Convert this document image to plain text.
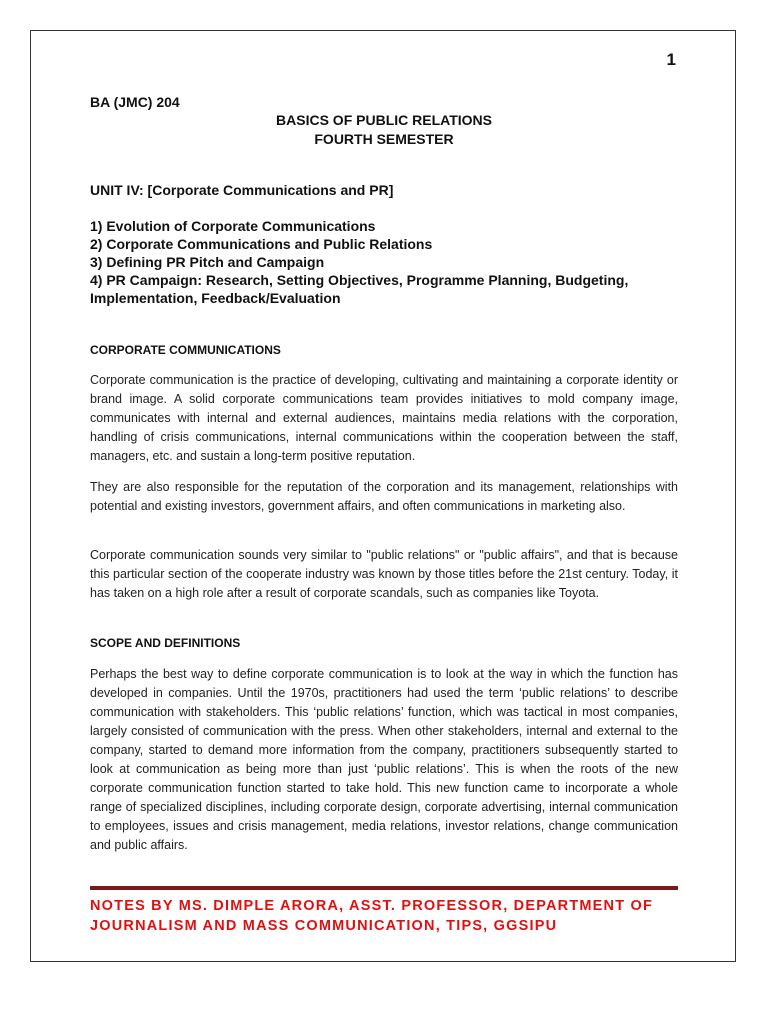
1
BA (JMC) 204
BASICS OF PUBLIC RELATIONS
FOURTH SEMESTER
UNIT IV: [Corporate Communications and PR]
1) Evolution of Corporate Communications
2) Corporate Communications and Public Relations
3) Defining PR Pitch and Campaign
4) PR Campaign: Research, Setting Objectives, Programme Planning, Budgeting, Implementation, Feedback/Evaluation
CORPORATE COMMUNICATIONS

Corporate communication is the practice of developing, cultivating and maintaining a corporate identity or brand image. A solid corporate communications team provides initiatives to mold company image, communicates with internal and external audiences, maintains media relations with the corporation, handling of crisis communications, internal communications within the cooperation between the staff, managers, etc. and sustain a long-term positive reputation.

They are also responsible for the reputation of the corporation and its management, relationships with potential and existing investors, government affairs, and often communications in marketing also.

Corporate communication sounds very similar to "public relations" or "public affairs", and that is because this particular section of the cooperate industry was known by those titles before the 21st century. Today, it has taken on a high role after a result of corporate scandals, such as companies like Toyota.

SCOPE AND DEFINITIONS

Perhaps the best way to define corporate communication is to look at the way in which the function has developed in companies. Until the 1970s, practitioners had used the term ‘public relations’ to describe communication with stakeholders. This ‘public relations’ function, which was tactical in most companies, largely consisted of communication with the press. When other stakeholders, internal and external to the company, started to demand more information from the company, practitioners subsequently started to look at communication as being more than just ‘public relations’. This is when the roots of the new corporate communication function started to take hold. This new function came to incorporate a whole range of specialized disciplines, including corporate design, corporate advertising, internal communication to employees, issues and crisis management, media relations, investor relations, change communication and public affairs.

NOTES BY MS. DIMPLE ARORA, ASST. PROFESSOR, DEPARTMENT OF
JOURNALISM AND MASS COMMUNICATION, TIPS, GGSIPU
